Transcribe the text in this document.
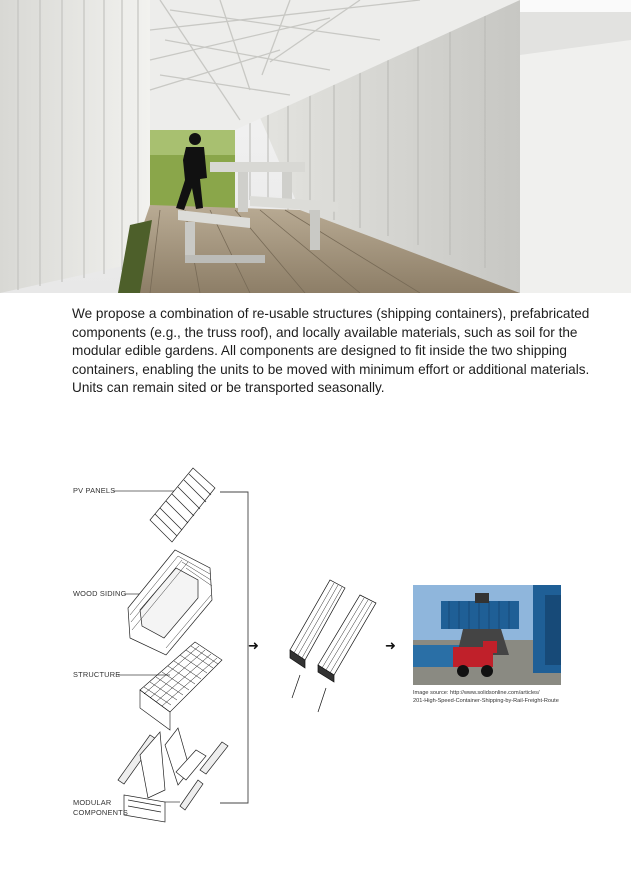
We propose a combination of re-usable structures (shipping containers), prefabricated components (e.g., the truss roof), and locally available materials, such as soil for the modular edible gardens. All components are designed to fit inside the two shipping containers, enabling the units to be moved with minimum effort or additional materials. Units can remain sited or be transported seasonally.

PV PANELS
WOOD SIDING
STRUCTURE
MODULAR
COMPONENTS
➜	➜
Image source: http://www.solidsonline.com/articles/
201-High-Speed-Container-Shipping-by-Rail-Freight-Route
